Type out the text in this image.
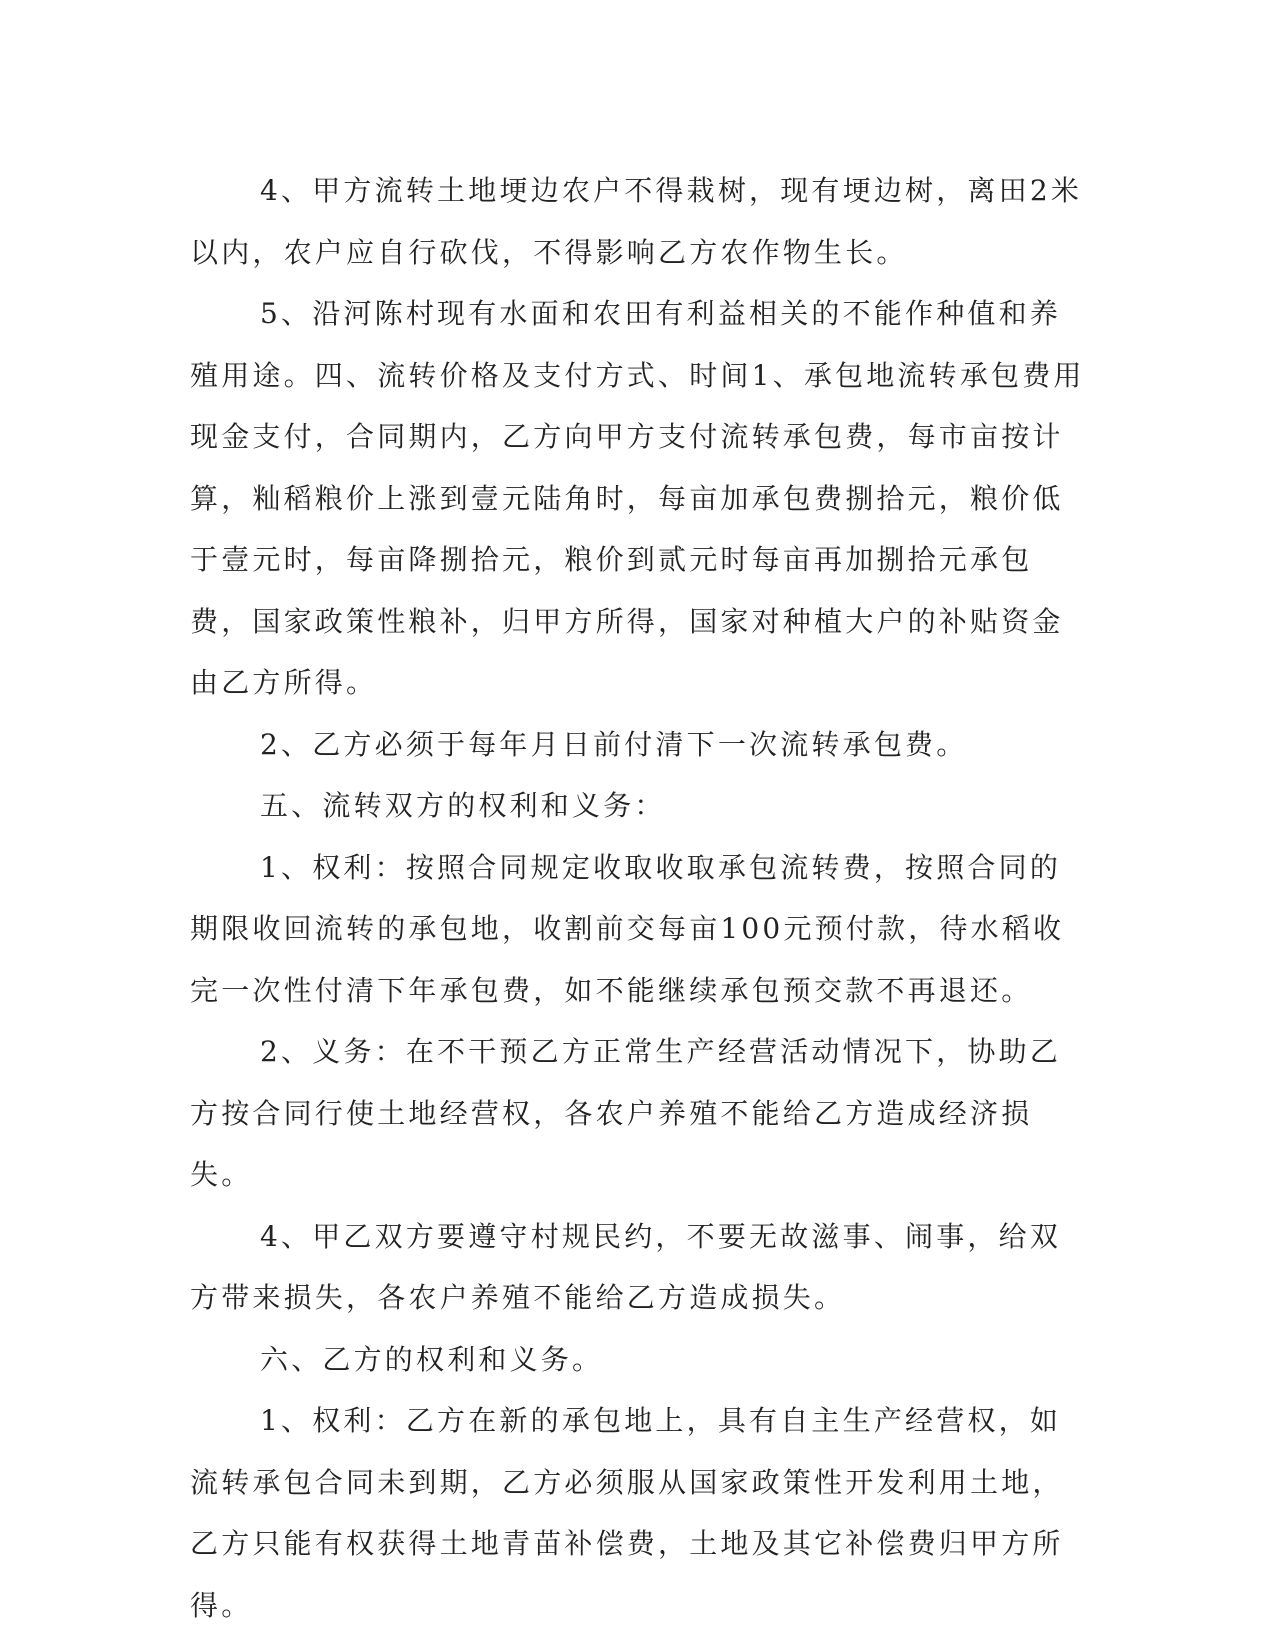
4、甲方流转土地埂边农户不得栽树，现有埂边树，离田2米以内，农户应自行砍伐，不得影响乙方农作物生长。

5、沿河陈村现有水面和农田有利益相关的不能作种值和养殖用途。四、流转价格及支付方式、时间1、承包地流转承包费用现金支付，合同期内，乙方向甲方支付流转承包费，每市亩按计算，籼稻粮价上涨到壹元陆角时，每亩加承包费捌拾元，粮价低于壹元时，每亩降捌拾元，粮价到贰元时每亩再加捌拾元承包费，国家政策性粮补，归甲方所得，国家对种植大户的补贴资金由乙方所得。

2、乙方必须于每年月日前付清下一次流转承包费。

五、流转双方的权利和义务：

1、权利：按照合同规定收取收取承包流转费，按照合同的期限收回流转的承包地，收割前交每亩100元预付款，待水稻收完一次性付清下年承包费，如不能继续承包预交款不再退还。

2、义务：在不干预乙方正常生产经营活动情况下，协助乙方按合同行使土地经营权，各农户养殖不能给乙方造成经济损失。

4、甲乙双方要遵守村规民约，不要无故滋事、闹事，给双方带来损失，各农户养殖不能给乙方造成损失。

六、乙方的权利和义务。

1、权利：乙方在新的承包地上，具有自主生产经营权，如流转承包合同未到期，乙方必须服从国家政策性开发利用土地，乙方只能有权获得土地青苗补偿费，土地及其它补偿费归甲方所得。
